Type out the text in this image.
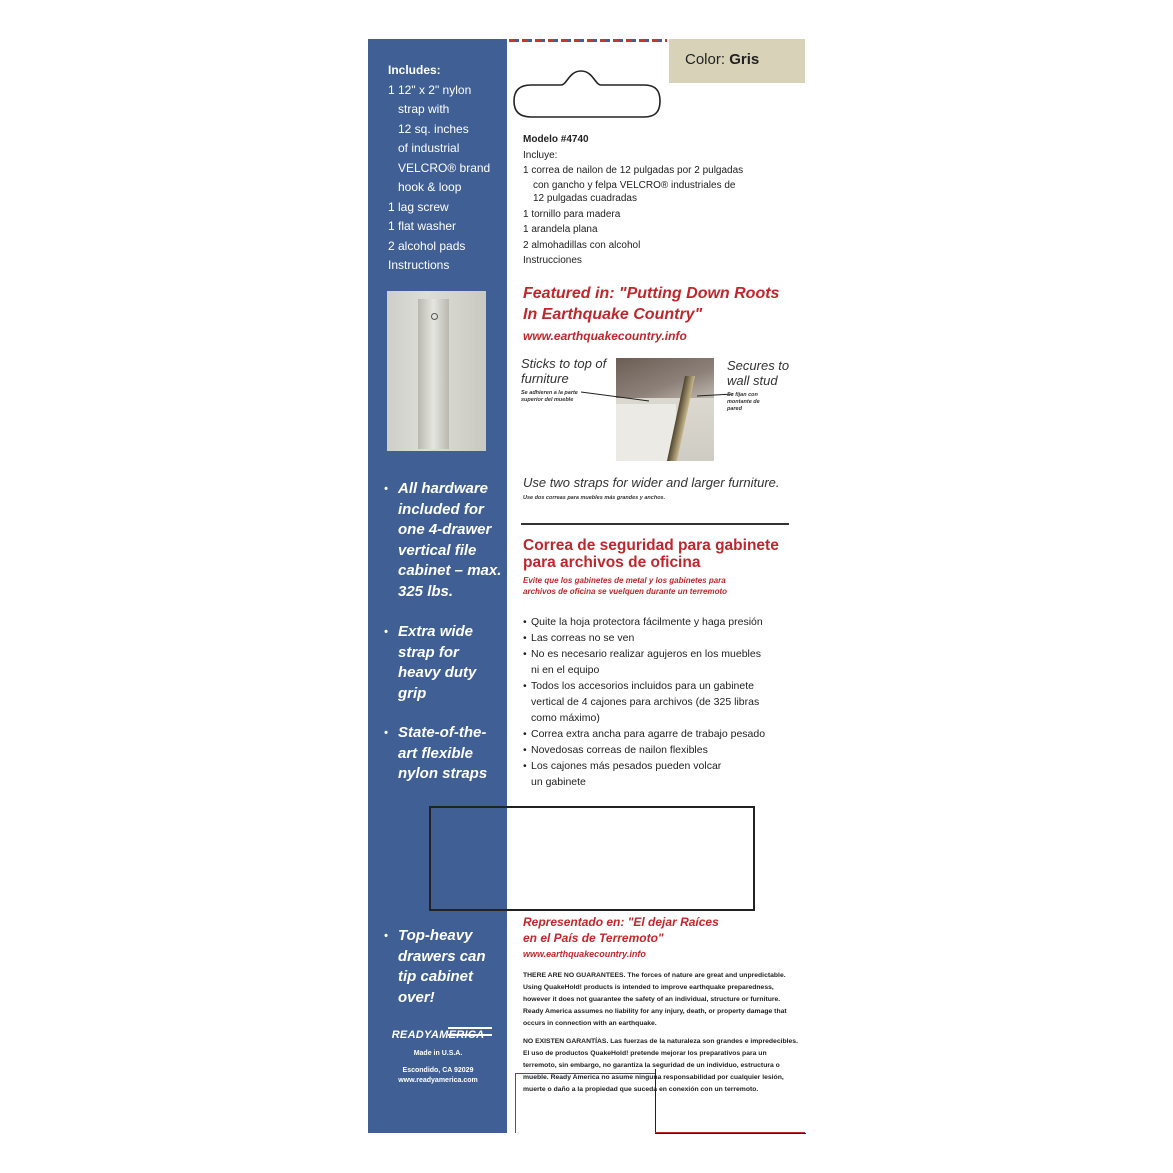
Includes:
1 12" x 2" nylon
strap with
12 sq. inches
of industrial
VELCRO® brand
hook & loop
1 lag screw
1 flat washer
2 alcohol pads
Instructions
• All hardware included for one 4-drawer vertical file cabinet – max. 325 lbs.
• Extra wide strap for heavy duty grip
• State-of-the-art flexible nylon straps
• Top-heavy drawers can tip cabinet over!
READYAMERICA
Made in U.S.A.
Escondido, CA 92029
www.readyamerica.com
Color: Gris
Modelo #4740
Incluye:
1 correa de nailon de 12 pulgadas por 2 pulgadas
con gancho y felpa VELCRO® industriales de
12 pulgadas cuadradas
1 tornillo para madera
1 arandela plana
2 almohadillas con alcohol
Instrucciones
Featured in: "Putting Down Roots
In Earthquake Country"
www.earthquakecountry.info
Sticks to top of furniture
Se adhieren a la parte superior del mueble
Secures to wall stud
Se fijan con montante de pared
Use two straps for wider and larger furniture.
Use dos correas para muebles más grandes y anchos.
Correa de seguridad para gabinete
para archivos de oficina
Evite que los gabinetes de metal y los gabinetes para
archivos de oficina se vuelquen durante un terremoto
• Quite la hoja protectora fácilmente y haga presión
• Las correas no se ven
• No es necesario realizar agujeros en los muebles
ni en el equipo
• Todos los accesorios incluidos para un gabinete
vertical de 4 cajones para archivos (de 325 libras
como máximo)
• Correa extra ancha para agarre de trabajo pesado
• Novedosas correas de nailon flexibles
• Los cajones más pesados pueden volcar
un gabinete
Representado en: "El dejar Raíces
en el País de Terremoto"
www.earthquakecountry.info

THERE ARE NO GUARANTEES. The forces of nature are great and unpredictable. Using QuakeHold! products is intended to improve earthquake preparedness, however it does not guarantee the safety of an individual, structure or furniture. Ready America assumes no liability for any injury, death, or property damage that occurs in connection with an earthquake.

NO EXISTEN GARANTÍAS. Las fuerzas de la naturaleza son grandes e impredecibles. El uso de productos QuakeHold! pretende mejorar los preparativos para un terremoto, sin embargo, no garantiza la seguridad de un individuo, estructura o mueble. Ready America no asume ninguna responsabilidad por cualquier lesión, muerte o daño a la propiedad que suceda en conexión con un terremoto.
